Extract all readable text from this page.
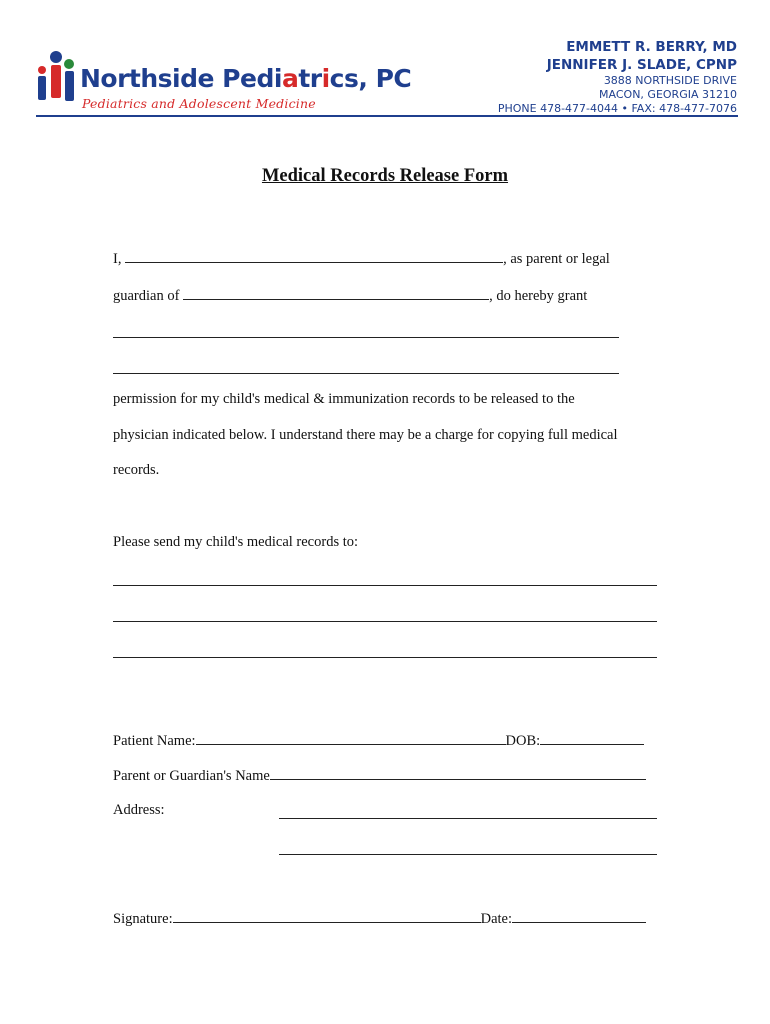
Northside Pediatrics, PC
Pediatrics and Adolescent Medicine
EMMETT R. BERRY, MD
JENNIFER J. SLADE, CPNP
3888 NORTHSIDE DRIVE
MACON, GEORGIA 31210
PHONE 478-477-4044 • FAX: 478-477-7076
Medical Records Release Form
I,	, as parent or legal
guardian of	, do hereby grant
permission for my child's medical & immunization records to be released to the
physician indicated below. I understand there may be a charge for copying full medical
records.
Please send my child's medical records to:
Patient Name:	DOB:
Parent or Guardian's Name
Address:
Signature:	Date:
